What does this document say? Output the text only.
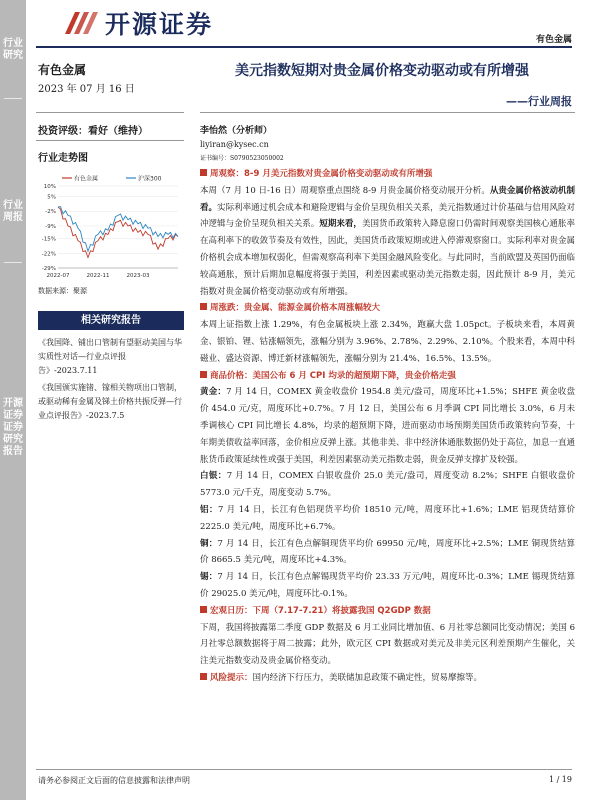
行业研究
行业周报
开源证券 证券研究报告
开源证券
有色金属
有色金属
2023 年 07 月 16 日
美元指数短期对贵金属价格变动驱动或有所增强
——行业周报
投资评级：看好（维持）
行业走势图
有色金属	沪深300
10%
5%
-2%
-9%
-15%
-22%
-29%
2022-07	2022-11	2023-03
数据来源：聚源
相关研究报告
《我国降、铺出口管制有望驱动美国与华实质性对话—行业点评报告》-2023.7.11
《我国颁实施锗、镓相关物项出口管制，或驱动稀有金属及锑土价格共振反弹—行业点评报告》-2023.7.5
李怡然（分析师）
liyiran@kysec.cn
证书编号：S0790523050002
周观察：8-9 月美元指数对贵金属价格变动驱动或有所增强
本周（7 月 10 日-16 日）周观察重点围绕 8-9 月贵金属价格变动展开分析。从贵金属价格波动机制看。实际利率通过机会成本和避险逻辑与金价呈现负相关关系，美元指数通过计价基础与信用风险对冲逻辑与金价呈现负相关关系。短期来看，美国货币政策转入降息窗口仍需时间观察美国核心通胀率在高利率下的收敛节奏及有效性，因此，美国货币政策短期或进入停滞观察窗口。实际利率对贵金属价格机会成本增加权弱化，但需观察高利率下美国金融风险变化。与此同时，当前欧盟及英国仍面临较高通胀，预计后期加息幅度将强于美国，利差因素或驱动美元指数走弱，因此预计 8-9 月，美元指数对贵金属价格变动驱动或有所增强。
周涨跌：贵金属、能源金属价格本周涨幅较大
本周上证指数上涨 1.29%，有色金属板块上涨 2.34%，跑赢大盘 1.05pct。子板块来看，本周黄金、银铂、锂、钴涨幅领先，涨幅分别为 3.96%、2.78%、2.29%、2.10%。个股来看，本周中科磁业、盛达资源、博迁新材涨幅领先，涨幅分别为 21.4%、16.5%、13.5%。
商品价格：美国公布 6 月 CPI 均录的超预期下降，贵金价格走强
黄金：7 月 14 日，COMEX 黄金收盘价 1954.8 美元/盎司，周度环比+1.5%；SHFE 黄金收盘价 454.0 元/克，周度环比+0.7%。7 月 12 日，美国公布 6 月季调 CPI 同比增长 3.0%，6 月未季调核心 CPI 同比增长 4.8%，均录的超预期下降，进而驱动市场预期美国货币政策转向节奏，十年期美债收益率回落，金价相应反弹上涨。其他非美、非中经济体通胀数据仍处于高位，加息一直通胀货币政策延续性或强于美国，利差因素驱动美元指数走弱，贵金反弹支撑扩及较强。
白银：7 月 14 日，COMEX 白银收盘价 25.0 美元/盎司，周度变动 8.2%；SHFE 白银收盘价 5773.0 元/千克，周度变动 5.7%。
铝：7 月 14 日，长江有色铝现货平均价 18510 元/吨，周度环比+1.6%；LME 铝现货结算价 2225.0 美元/吨，周度环比+6.7%。
铜：7 月 14 日，长江有色点解铜现货平均价 69950 元/吨，周度环比+2.5%；LME 铜现货结算价 8665.5 美元/吨，周度环比+4.3%。
锡：7 月 14 日，长江有色点解锡现货平均价 23.33 万元/吨，周度环比-0.3%；LME 锡现货结算价 29025.0 美元/吨，周度环比-0.1%。
宏观日历：下周（7.17-7.21）将披露我国 Q2GDP 数据
下周，我国将披露第二季度 GDP 数据及 6 月工业同比增加值、6 月社零总额同比变动情况；美国 6 月社零总额数据将于周二披露；此外，欧元区 CPI 数据或对美元及非美元区利差预期产生催化，关注美元指数变动及贵金属价格变动。
风险提示：国内经济下行压力，美联储加息政策不确定性，贸易摩擦等。
请务必参阅正文后面的信息披露和法律声明	1 / 19
